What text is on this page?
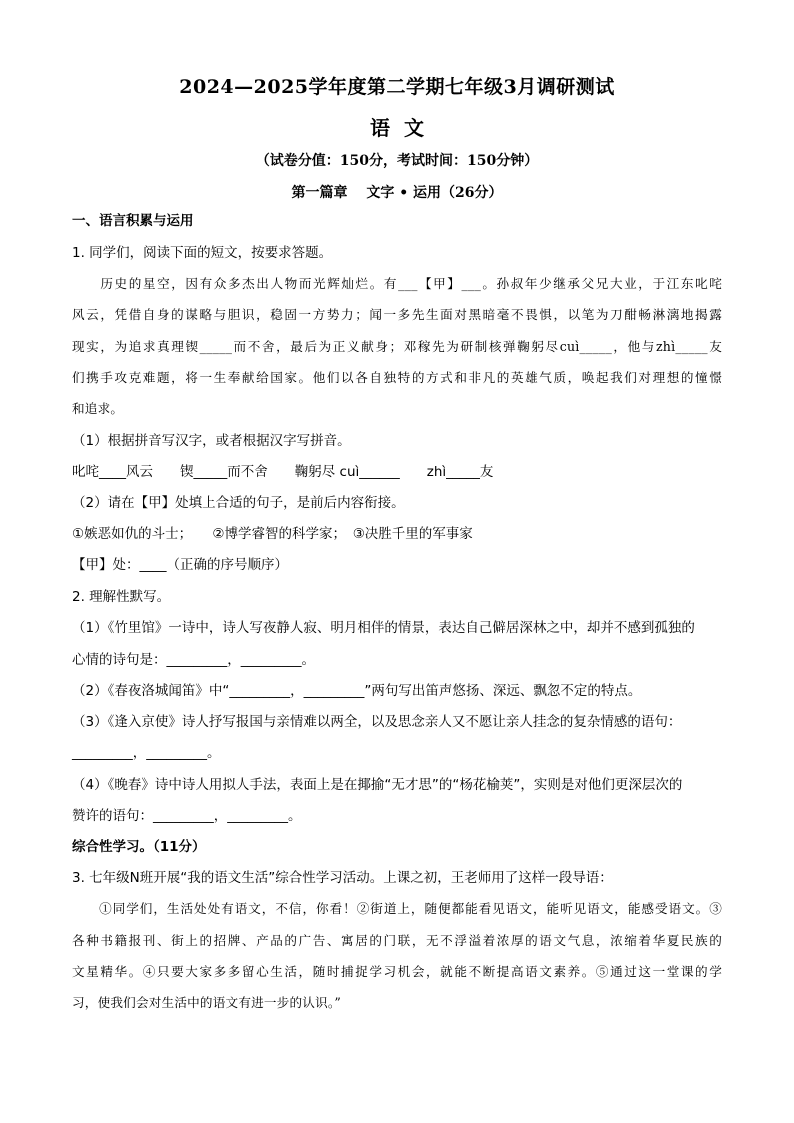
2024—2025学年度第二学期七年级3月调研测试
语文
（试卷分值：150分，考试时间：150分钟）
第一篇章　 文字 • 运用（26分）
一、语言积累与运用
1. 同学们，阅读下面的短文，按要求答题。
　　历史的星空，因有众多杰出人物而光辉灿烂。有___【甲】___。孙叔年少继承父兄大业，于江东叱咤
风云，凭借自身的谋略与胆识，稳固一方势力；闻一多先生面对黑暗毫不畏惧，以笔为刀酣畅淋漓地揭露
现实，为追求真理锲_____而不舍，最后为正义献身；邓稼先为研制核弹鞠躬尽cuì_____，他与zhì_____友
们携手攻克难题，将一生奉献给国家。他们以各自独特的方式和非凡的英雄气质，唤起我们对理想的憧憬
和追求。
（1）根据拼音写汉字，或者根据汉字写拼音。
叱咤____风云　　锲_____而不舍　　鞠躬尽 cuì______　　zhì_____友
（2）请在【甲】处填上合适的句子，是前后内容衔接。
①嫉恶如仇的斗士；　　②博学睿智的科学家；　③决胜千里的军事家
【甲】处：____（正确的序号顺序）
2. 理解性默写。
（1）《竹里馆》一诗中，诗人写夜静人寂、明月相伴的情景，表达自己僻居深林之中，却并不感到孤独的
心情的诗句是：_________，_________。
（2）《春夜洛城闻笛》中“_________，_________”两句写出笛声悠扬、深远、飘忽不定的特点。
（3）《逢入京使》诗人抒写报国与亲情难以两全，以及思念亲人又不愿让亲人挂念的复杂情感的语句：
_________，_________。
（4）《晚春》诗中诗人用拟人手法，表面上是在揶揄“无才思”的“杨花榆荚”，实则是对他们更深层次的
赞许的语句：_________，_________。
综合性学习。（11分）
3. 七年级N班开展“我的语文生活”综合性学习活动。上课之初，王老师用了这样一段导语：
　　①同学们，生活处处有语文，不信，你看！②街道上，随便都能看见语文，能听见语文，能感受语文。③
各种书籍报刊、街上的招牌、产品的广告、寓居的门联，无不浮溢着浓厚的语文气息，浓缩着华夏民族的
文星精华。④只要大家多多留心生活，随时捕捉学习机会，就能不断提高语文素养。⑤通过这一堂课的学
习，使我们会对生活中的语文有进一步的认识。”
